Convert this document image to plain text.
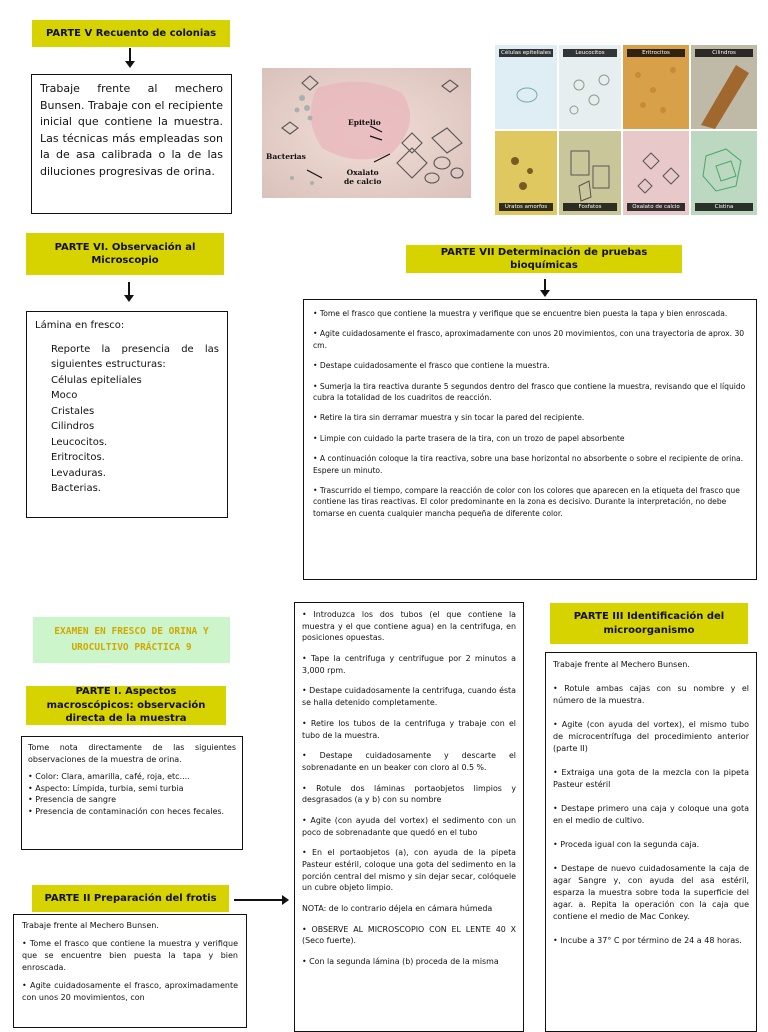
PARTE V Recuento de colonias
Trabaje frente al mechero Bunsen. Trabaje con el recipiente inicial que contiene la muestra. Las técnicas más empleadas son la de asa calibrada o la de las diluciones progresivas de orina.
Epitelio
Bacterias
Oxalato
de calcio
Células epiteliales	Leucocitos	Eritrocitos	Cilindros
Uratos amorfos	Fosfatos	Oxalato de calcio	Cistina
PARTE VI. Observación al Microscopio
Lámina en fresco:
Reporte la presencia de las siguientes estructuras:
Células epiteliales
Moco
Cristales
Cilindros
Leucocitos.
Eritrocitos.
Levaduras.
Bacterias.
PARTE VII Determinación de pruebas bioquímicas

• Tome el frasco que contiene la muestra y verifique que se encuentre bien puesta la tapa y bien enroscada.

• Agite cuidadosamente el frasco, aproximadamente con unos 20 movimientos, con una trayectoria de aprox. 30 cm.

• Destape cuidadosamente el frasco que contiene la muestra.

• Sumerja la tira reactiva durante 5 segundos dentro del frasco que contiene la muestra, revisando que el líquido cubra la totalidad de los cuadritos de reacción.

• Retire la tira sin derramar muestra y sin tocar la pared del recipiente.

• Limpie con cuidado la parte trasera de la tira, con un trozo de papel absorbente

• A continuación coloque la tira reactiva, sobre una base horizontal no absorbente o sobre el recipiente de orina. Espere un minuto.

• Trascurrido el tiempo, compare la reacción de color con los colores que aparecen en la etiqueta del frasco que contiene las tiras reactivas. El color predominante en la zona es decisivo. Durante la interpretación, no debe tomarse en cuenta cualquier mancha pequeña de diferente color.

EXAMEN EN FRESCO DE ORINA Y UROCULTIVO PRÁCTICA 9
PARTE I. Aspectos macroscópicos: observación directa de la muestra
Tome nota directamente de las siguientes observaciones de la muestra de orina.
• Color: Clara, amarilla, café, roja, etc....
• Aspecto: Límpida, turbia, semi turbia
• Presencia de sangre
• Presencia de contaminación con heces fecales.
PARTE II Preparación del frotis

Trabaje frente al Mechero Bunsen.

• Tome el frasco que contiene la muestra y verifique que se encuentre bien puesta la tapa y bien enroscada.

• Agite cuidadosamente el frasco, aproximadamente con unos 20 movimientos, con

• Introduzca los dos tubos (el que contiene la muestra y el que contiene agua) en la centrifuga, en posiciones opuestas.

• Tape la centrifuga y centrifugue por 2 minutos a 3,000 rpm.

• Destape cuidadosamente la centrifuga, cuando ésta se halla detenido completamente.

• Retire los tubos de la centrifuga y trabaje con el tubo de la muestra.

• Destape cuidadosamente y descarte el sobrenadante en un beaker con cloro al 0.5 %.

• Rotule dos láminas portaobjetos limpios y desgrasados (a y b) con su nombre

• Agite (con ayuda del vortex) el sedimento con un poco de sobrenadante que quedó en el tubo

• En el portaobjetos (a), con ayuda de la pipeta Pasteur estéril, coloque una gota del sedimento en la porción central del mismo y sin dejar secar, colóquele un cubre objeto limpio.

NOTA: de lo contrario déjela en cámara húmeda

• OBSERVE AL MICROSCOPIO CON EL LENTE 40 X (Seco fuerte).

• Con la segunda lámina (b) proceda de la misma

PARTE III Identificación del microorganismo

Trabaje frente al Mechero Bunsen.

• Rotule ambas cajas con su nombre y el número de la muestra.

• Agite (con ayuda del vortex), el mismo tubo de microcentrífuga del procedimiento anterior (parte II)

• Extraiga una gota de la mezcla con la pipeta Pasteur estéril

• Destape primero una caja y coloque una gota en el medio de cultivo.

• Proceda igual con la segunda caja.

• Destape de nuevo cuidadosamente la caja de agar Sangre y, con ayuda del asa estéril, esparza la muestra sobre toda la superficie del agar. a. Repita la operación con la caja que contiene el medio de Mac Conkey.

• Incube a 37° C por término de 24 a 48 horas.
